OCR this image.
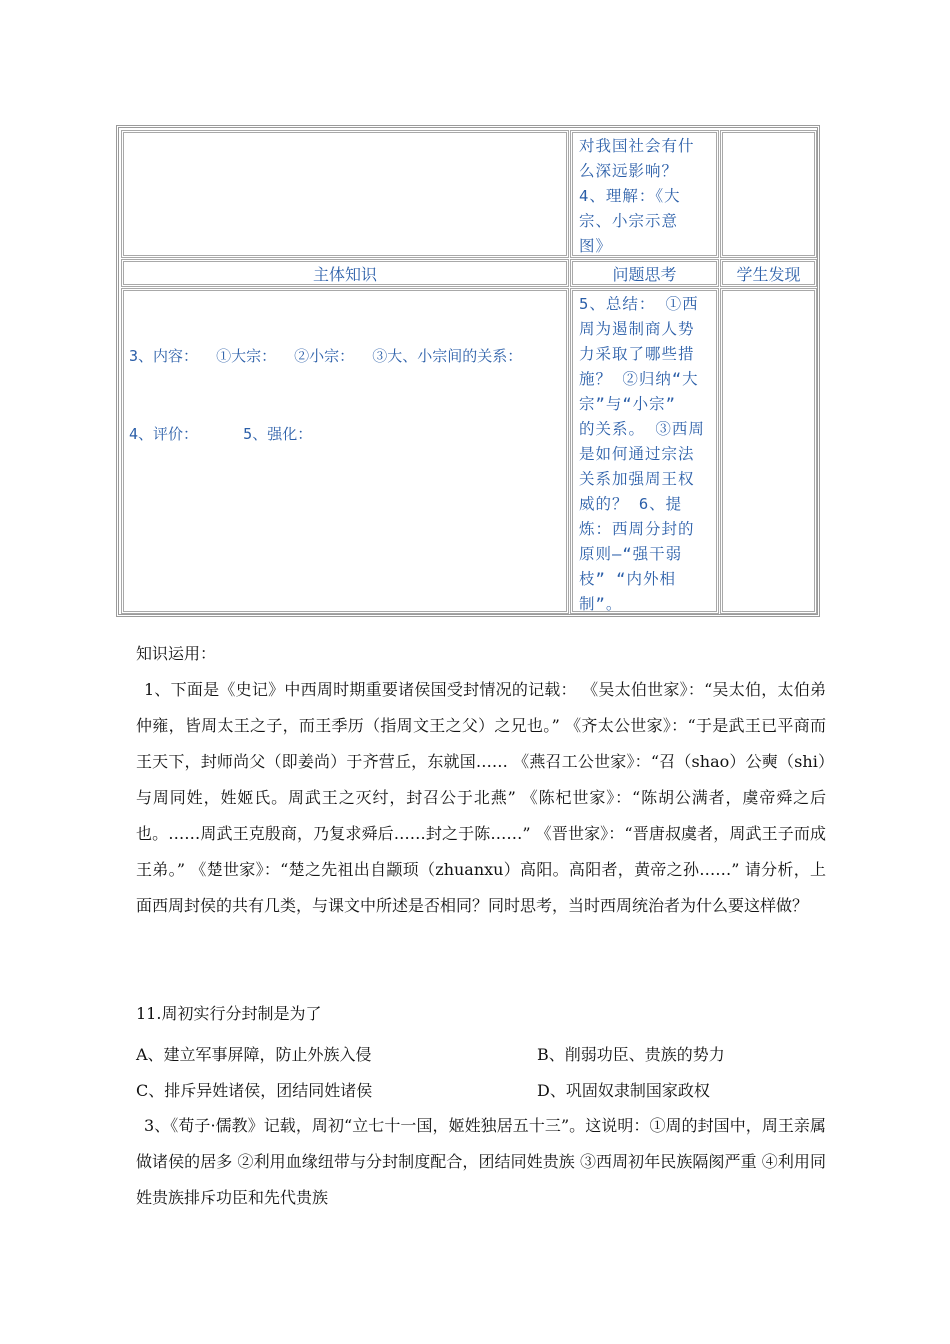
对我国社会有什
么深远影响？
4、理解：《大
宗、小宗示意
图》
主体知识	问题思考	学生发现

3、内容：  ①大宗：  ②小宗：  ③大、小宗间的关系：

4、评价：     5、强化：

5、总结： ①西
周为遏制商人势
力采取了哪些措
施？ ②归纳“大
宗”与“小宗”
的关系。 ③西周
是如何通过宗法
关系加强周王权
威的？ 6、提
炼：西周分封的
原则—“强干弱
枝” “内外相
制”。
知识运用：

1、下面是《史记》中西周时期重要诸侯国受封情况的记载： 《吴太伯世家》：“吴太伯，太伯弟仲雍，皆周太王之子，而王季历（指周文王之父）之兄也。” 《齐太公世家》：“于是武王已平商而王天下，封师尚父（即姜尚）于齐营丘，东就国…… 《燕召工公世家》：“召（shao）公奭（shi）与周同姓，姓姬氏。周武王之灭纣，封召公于北燕” 《陈杞世家》：“陈胡公满者，虞帝舜之后也。……周武王克殷商，乃复求舜后……封之于陈……” 《晋世家》：“晋唐叔虞者，周武王子而成王弟。” 《楚世家》：“楚之先祖出自颛顼（zhuanxu）高阳。高阳者，黄帝之孙……” 请分析，上面西周封侯的共有几类，与课文中所述是否相同？同时思考，当时西周统治者为什么要这样做？

11.周初实行分封制是为了
A、建立军事屏障，防止外族入侵	B、削弱功臣、贵族的势力
C、排斥异姓诸侯，团结同姓诸侯	D、巩固奴隶制国家政权

3、《荀子·儒教》记载，周初“立七十一国，姬姓独居五十三”。这说明：①周的封国中，周王亲属做诸侯的居多 ②利用血缘纽带与分封制度配合，团结同姓贵族 ③西周初年民族隔阂严重 ④利用同姓贵族排斥功臣和先代贵族
